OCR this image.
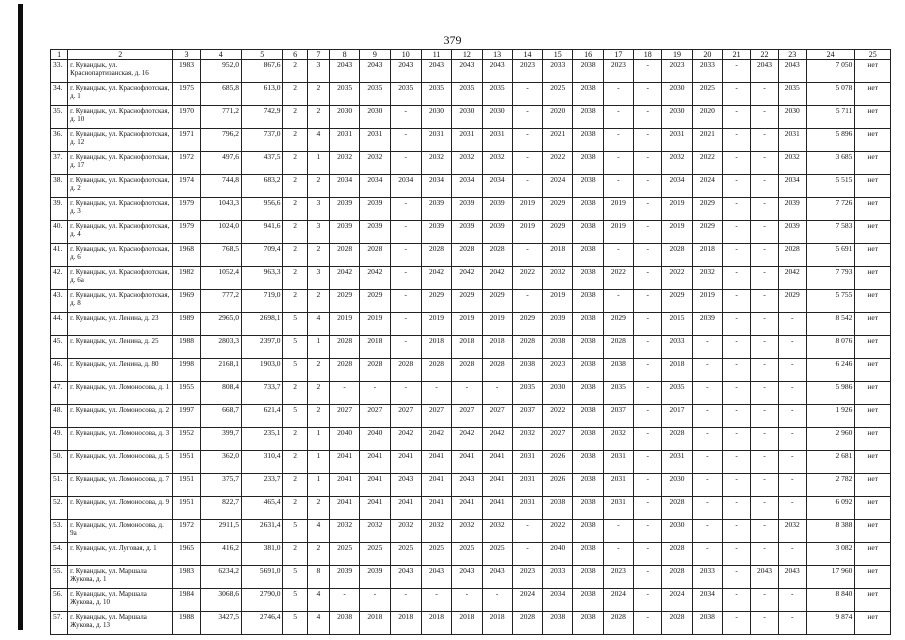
379

1	2	3	4	5	6	7	8	9	10	11	12	13	14	15	16	17	18	19	20	21	22	23	24	25
33.	г. Кувандык, ул. Краснопартизанская, д. 16	1983	952,0	867,6	2	3	2043	2043	2043	2043	2043	2043	2023	2033	2038	2023	-	2023	2033	-	2043	2043	7 050	нет
34.	г. Кувандык, ул. Краснофлотская, д. 1	1975	685,8	613,0	2	2	2035	2035	2035	2035	2035	2035	-	2025	2038	-	-	2030	2025	-	-	2035	5 078	нет
35.	г. Кувандык, ул. Краснофлотская, д. 10	1970	771,2	742,9	2	2	2030	2030	-	2030	2030	2030	-	2020	2038	-	-	2030	2020	-	-	2030	5 711	нет
36.	г. Кувандык, ул. Краснофлотская, д. 12	1971	796,2	737,0	2	4	2031	2031	-	2031	2031	2031	-	2021	2038	-	-	2031	2021	-	-	2031	5 896	нет
37.	г. Кувандык, ул. Краснофлотская, д. 17	1972	497,6	437,5	2	1	2032	2032	-	2032	2032	2032	-	2022	2038	-	-	2032	2022	-	-	2032	3 685	нет
38.	г. Кувандык, ул. Краснофлотская, д. 2	1974	744,8	683,2	2	2	2034	2034	2034	2034	2034	2034	-	2024	2038	-	-	2034	2024	-	-	2034	5 515	нет
39.	г. Кувандык, ул. Краснофлотская, д. 3	1979	1043,3	956,6	2	3	2039	2039	-	2039	2039	2039	2019	2029	2038	2019	-	2019	2029	-	-	2039	7 726	нет
40.	г. Кувандык, ул. Краснофлотская, д. 4	1979	1024,0	941,6	2	3	2039	2039	-	2039	2039	2039	2019	2029	2038	2019	-	2019	2029	-	-	2039	7 583	нет
41.	г. Кувандык, ул. Краснофлотская, д. 6	1968	768,5	709,4	2	2	2028	2028	-	2028	2028	2028	-	2018	2038	-	-	2028	2018	-	-	2028	5 691	нет
42.	г. Кувандык, ул. Краснофлотская, д. 6а	1982	1052,4	963,3	2	3	2042	2042	-	2042	2042	2042	2022	2032	2038	2022	-	2022	2032	-	-	2042	7 793	нет
43.	г. Кувандык, ул. Краснофлотская, д. 8	1969	777,2	719,0	2	2	2029	2029	-	2029	2029	2029	-	2019	2038	-	-	2029	2019	-	-	2029	5 755	нет
44.	г. Кувандык, ул. Ленина, д. 23	1989	2965,0	2698,1	5	4	2019	2019	-	2019	2019	2019	2029	2039	2038	2029	-	2015	2039	-	-	-	8 542	нет
45.	г. Кувандык, ул. Ленина, д. 25	1988	2803,3	2397,0	5	1	2028	2018	-	2018	2018	2018	2028	2038	2038	2028	-	2033	-	-	-	-	8 076	нет
46.	г. Кувандык, ул. Ленина, д. 80	1998	2168,1	1903,0	5	2	2028	2028	2028	2028	2028	2028	2038	2023	2038	2038	-	2018	-	-	-	-	6 246	нет
47.	г. Кувандык, ул. Ломоносова, д. 1	1955	808,4	733,7	2	2	-	-	-	-	-	-	2035	2030	2038	2035	-	2035	-	-	-	-	5 986	нет
48.	г. Кувандык, ул. Ломоносова, д. 2	1997	668,7	621,4	5	2	2027	2027	2027	2027	2027	2027	2037	2022	2038	2037	-	2017	-	-	-	-	1 926	нет
49.	г. Кувандык, ул. Ломоносова, д. 3	1952	399,7	235,1	2	1	2040	2040	2042	2042	2042	2042	2032	2027	2038	2032	-	2028	-	-	-	-	2 960	нет
50.	г. Кувандык, ул. Ломоносова, д. 5	1951	362,0	310,4	2	1	2041	2041	2041	2041	2041	2041	2031	2026	2038	2031	-	2031	-	-	-	-	2 681	нет
51.	г. Кувандык, ул. Ломоносова, д. 7	1951	375,7	233,7	2	1	2041	2041	2043	2041	2043	2041	2031	2026	2038	2031	-	2030	-	-	-	-	2 782	нет
52.	г. Кувандык, ул. Ломоносова, д. 9	1951	822,7	465,4	2	2	2041	2041	2041	2041	2041	2041	2031	2038	2038	2031	-	2028	-	-	-	-	6 092	нет
53.	г. Кувандык, ул. Ломоносова, д. 9а	1972	2911,5	2631,4	5	4	2032	2032	2032	2032	2032	2032	-	2022	2038	-	-	2030	-	-	-	2032	8 388	нет
54.	г. Кувандык, ул. Луговая, д. 1	1965	416,2	381,0	2	2	2025	2025	2025	2025	2025	2025	-	2040	2038	-	-	2028	-	-	-	-	3 082	нет
55.	г. Кувандык, ул. Маршала Жукова, д. 1	1983	6234,2	5691,0	5	8	2039	2039	2043	2043	2043	2043	2023	2033	2038	2023	-	2028	2033	-	2043	2043	17 960	нет
56.	г. Кувандык, ул. Маршала Жукова, д. 10	1984	3068,6	2790,0	5	4	-	-	-	-	-	-	2024	2034	2038	2024	-	2024	2034	-	-	-	8 840	нет
57.	г. Кувандык, ул. Маршала Жукова, д. 13	1988	3427,5	2746,4	5	4	2038	2018	2018	2018	2018	2018	2028	2038	2038	2028	-	2028	2038	-	-	-	9 874	нет
